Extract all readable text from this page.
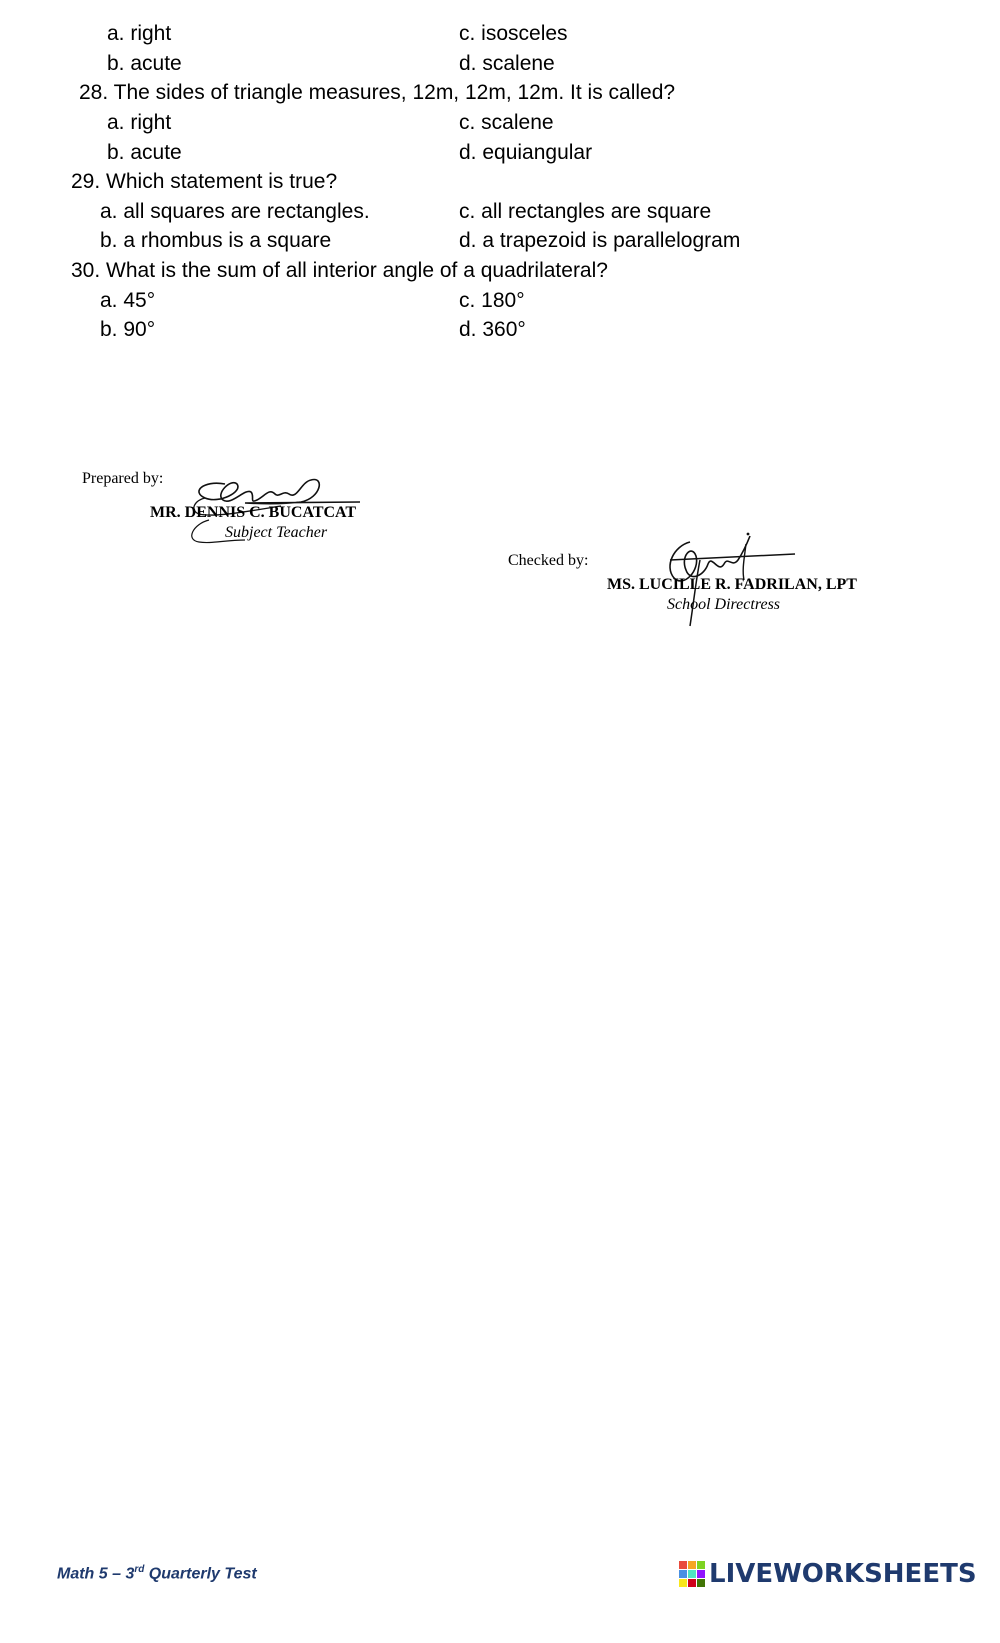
a. right	c. isosceles
b. acute	d. scalene
28. The sides of triangle measures, 12m, 12m, 12m. It is called?
a. right	c. scalene
b. acute	d. equiangular
29. Which statement is true?
a. all squares are rectangles.	c. all rectangles are square
b. a rhombus is a square	d. a trapezoid is parallelogram
30. What is the sum of all interior angle of a quadrilateral?
a. 45°	c. 180°
b. 90°	d. 360°
Prepared by:
MR. DENNIS C. BUCATCAT
Subject Teacher
Checked by:
MS. LUCILLE R. FADRILAN, LPT
School Directress
Math 5 – 3rd Quarterly Test	LIVEWORKSHEETS
